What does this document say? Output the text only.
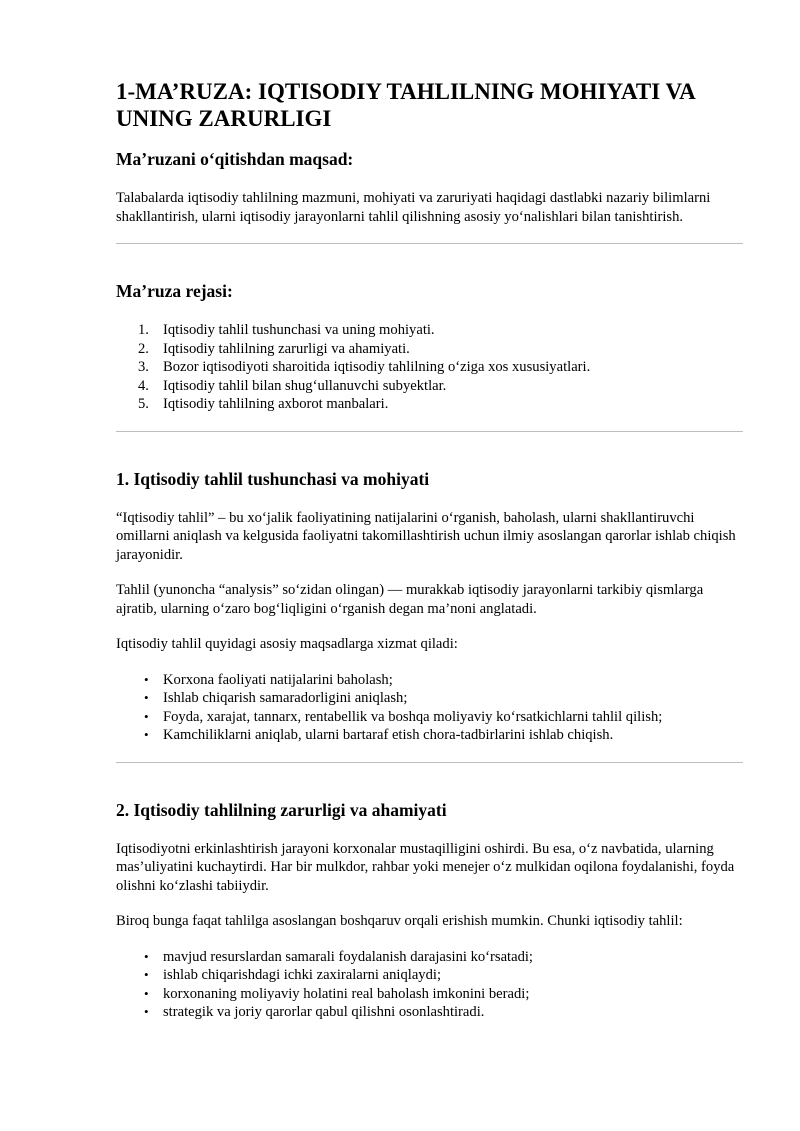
1-MA’RUZA: IQTISODIY TAHLILNING MOHIYATI VA UNING ZARURLIGI
Ma’ruzani o‘qitishdan maqsad:

Talabalarda iqtisodiy tahlilning mazmuni, mohiyati va zaruriyati haqidagi dastlabki nazariy bilimlarni shakllantirish, ularni iqtisodiy jarayonlarni tahlil qilishning asosiy yo‘nalishlari bilan tanishtirish.

Ma’ruza rejasi:
1. Iqtisodiy tahlil tushunchasi va uning mohiyati.
2. Iqtisodiy tahlilning zarurligi va ahamiyati.
3. Bozor iqtisodiyoti sharoitida iqtisodiy tahlilning o‘ziga xos xususiyatlari.
4. Iqtisodiy tahlil bilan shug‘ullanuvchi subyektlar.
5. Iqtisodiy tahlilning axborot manbalari.
1. Iqtisodiy tahlil tushunchasi va mohiyati

“Iqtisodiy tahlil” – bu xo‘jalik faoliyatining natijalarini o‘rganish, baholash, ularni shakllantiruvchi omillarni aniqlash va kelgusida faoliyatni takomillashtirish uchun ilmiy asoslangan qarorlar ishlab chiqish jarayonidir.

Tahlil (yunoncha “analysis” so‘zidan olingan) — murakkab iqtisodiy jarayonlarni tarkibiy qismlarga ajratib, ularning o‘zaro bog‘liqligini o‘rganish degan ma’noni anglatadi.

Iqtisodiy tahlil quyidagi asosiy maqsadlarga xizmat qiladi:

• Korxona faoliyati natijalarini baholash;
• Ishlab chiqarish samaradorligini aniqlash;
• Foyda, xarajat, tannarx, rentabellik va boshqa moliyaviy ko‘rsatkichlarni tahlil qilish;
• Kamchiliklarni aniqlab, ularni bartaraf etish chora-tadbirlarini ishlab chiqish.
2. Iqtisodiy tahlilning zarurligi va ahamiyati

Iqtisodiyotni erkinlashtirish jarayoni korxonalar mustaqilligini oshirdi. Bu esa, o‘z navbatida, ularning mas’uliyatini kuchaytirdi. Har bir mulkdor, rahbar yoki menejer o‘z mulkidan oqilona foydalanishi, foyda olishni ko‘zlashi tabiiydir.

Biroq bunga faqat tahlilga asoslangan boshqaruv orqali erishish mumkin. Chunki iqtisodiy tahlil:

• mavjud resurslardan samarali foydalanish darajasini ko‘rsatadi;
• ishlab chiqarishdagi ichki zaxiralarni aniqlaydi;
• korxonaning moliyaviy holatini real baholash imkonini beradi;
• strategik va joriy qarorlar qabul qilishni osonlashtiradi.
